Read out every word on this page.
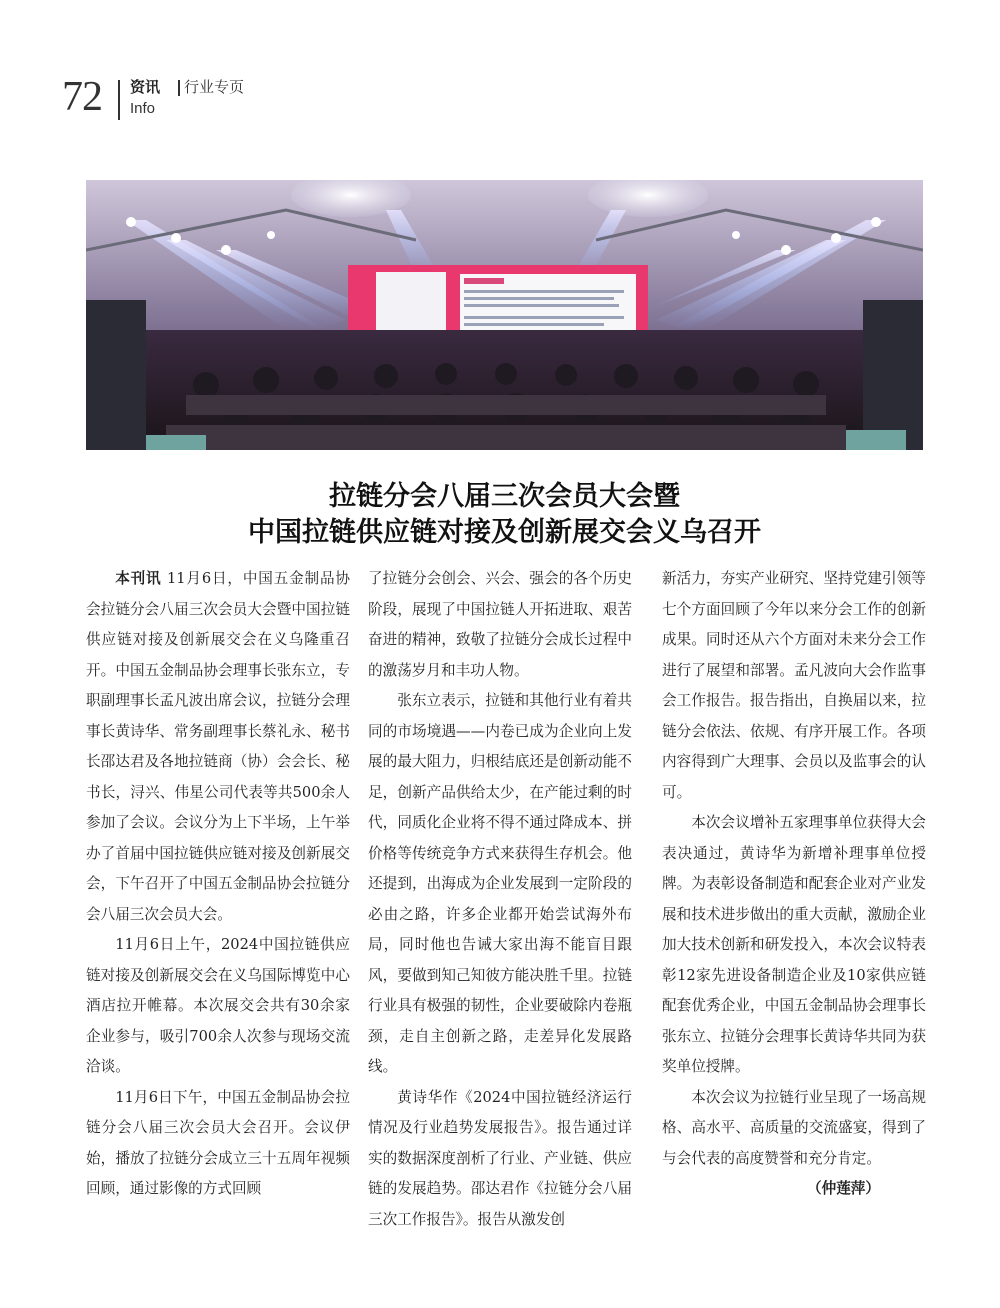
72 资讯 行业专页
Info
拉链分会八届三次会员大会暨
中国拉链供应链对接及创新展交会义乌召开

本刊讯 11月6日，中国五金制品协会拉链分会八届三次会员大会暨中国拉链供应链对接及创新展交会在义乌隆重召开。中国五金制品协会理事长张东立，专职副理事长孟凡波出席会议，拉链分会理事长黄诗华、常务副理事长蔡礼永、秘书长邵达君及各地拉链商（协）会会长、秘书长，浔兴、伟星公司代表等共500余人参加了会议。会议分为上下半场，上午举办了首届中国拉链供应链对接及创新展交会，下午召开了中国五金制品协会拉链分会八届三次会员大会。

11月6日上午，2024中国拉链供应链对接及创新展交会在义乌国际博览中心酒店拉开帷幕。本次展交会共有30余家企业参与，吸引700余人次参与现场交流洽谈。

11月6日下午，中国五金制品协会拉链分会八届三次会员大会召开。会议伊始，播放了拉链分会成立三十五周年视频回顾，通过影像的方式回顾

了拉链分会创会、兴会、强会的各个历史阶段，展现了中国拉链人开拓进取、艰苦奋进的精神，致敬了拉链分会成长过程中的激荡岁月和丰功人物。

张东立表示，拉链和其他行业有着共同的市场境遇——内卷已成为企业向上发展的最大阻力，归根结底还是创新动能不足，创新产品供给太少，在产能过剩的时代，同质化企业将不得不通过降成本、拼价格等传统竞争方式来获得生存机会。他还提到，出海成为企业发展到一定阶段的必由之路，许多企业都开始尝试海外布局，同时他也告诫大家出海不能盲目跟风，要做到知己知彼方能决胜千里。拉链行业具有极强的韧性，企业要破除内卷瓶颈，走自主创新之路，走差异化发展路线。

黄诗华作《2024中国拉链经济运行情况及行业趋势发展报告》。报告通过详实的数据深度剖析了行业、产业链、供应链的发展趋势。邵达君作《拉链分会八届三次工作报告》。报告从激发创

新活力，夯实产业研究、坚持党建引领等七个方面回顾了今年以来分会工作的创新成果。同时还从六个方面对未来分会工作进行了展望和部署。孟凡波向大会作监事会工作报告。报告指出，自换届以来，拉链分会依法、依规、有序开展工作。各项内容得到广大理事、会员以及监事会的认可。

本次会议增补五家理事单位获得大会表决通过，黄诗华为新增补理事单位授牌。为表彰设备制造和配套企业对产业发展和技术进步做出的重大贡献，激励企业加大技术创新和研发投入，本次会议特表彰12家先进设备制造企业及10家供应链配套优秀企业，中国五金制品协会理事长张东立、拉链分会理事长黄诗华共同为获奖单位授牌。

本次会议为拉链行业呈现了一场高规格、高水平、高质量的交流盛宴，得到了与会代表的高度赞誉和充分肯定。

（仲莲萍）
